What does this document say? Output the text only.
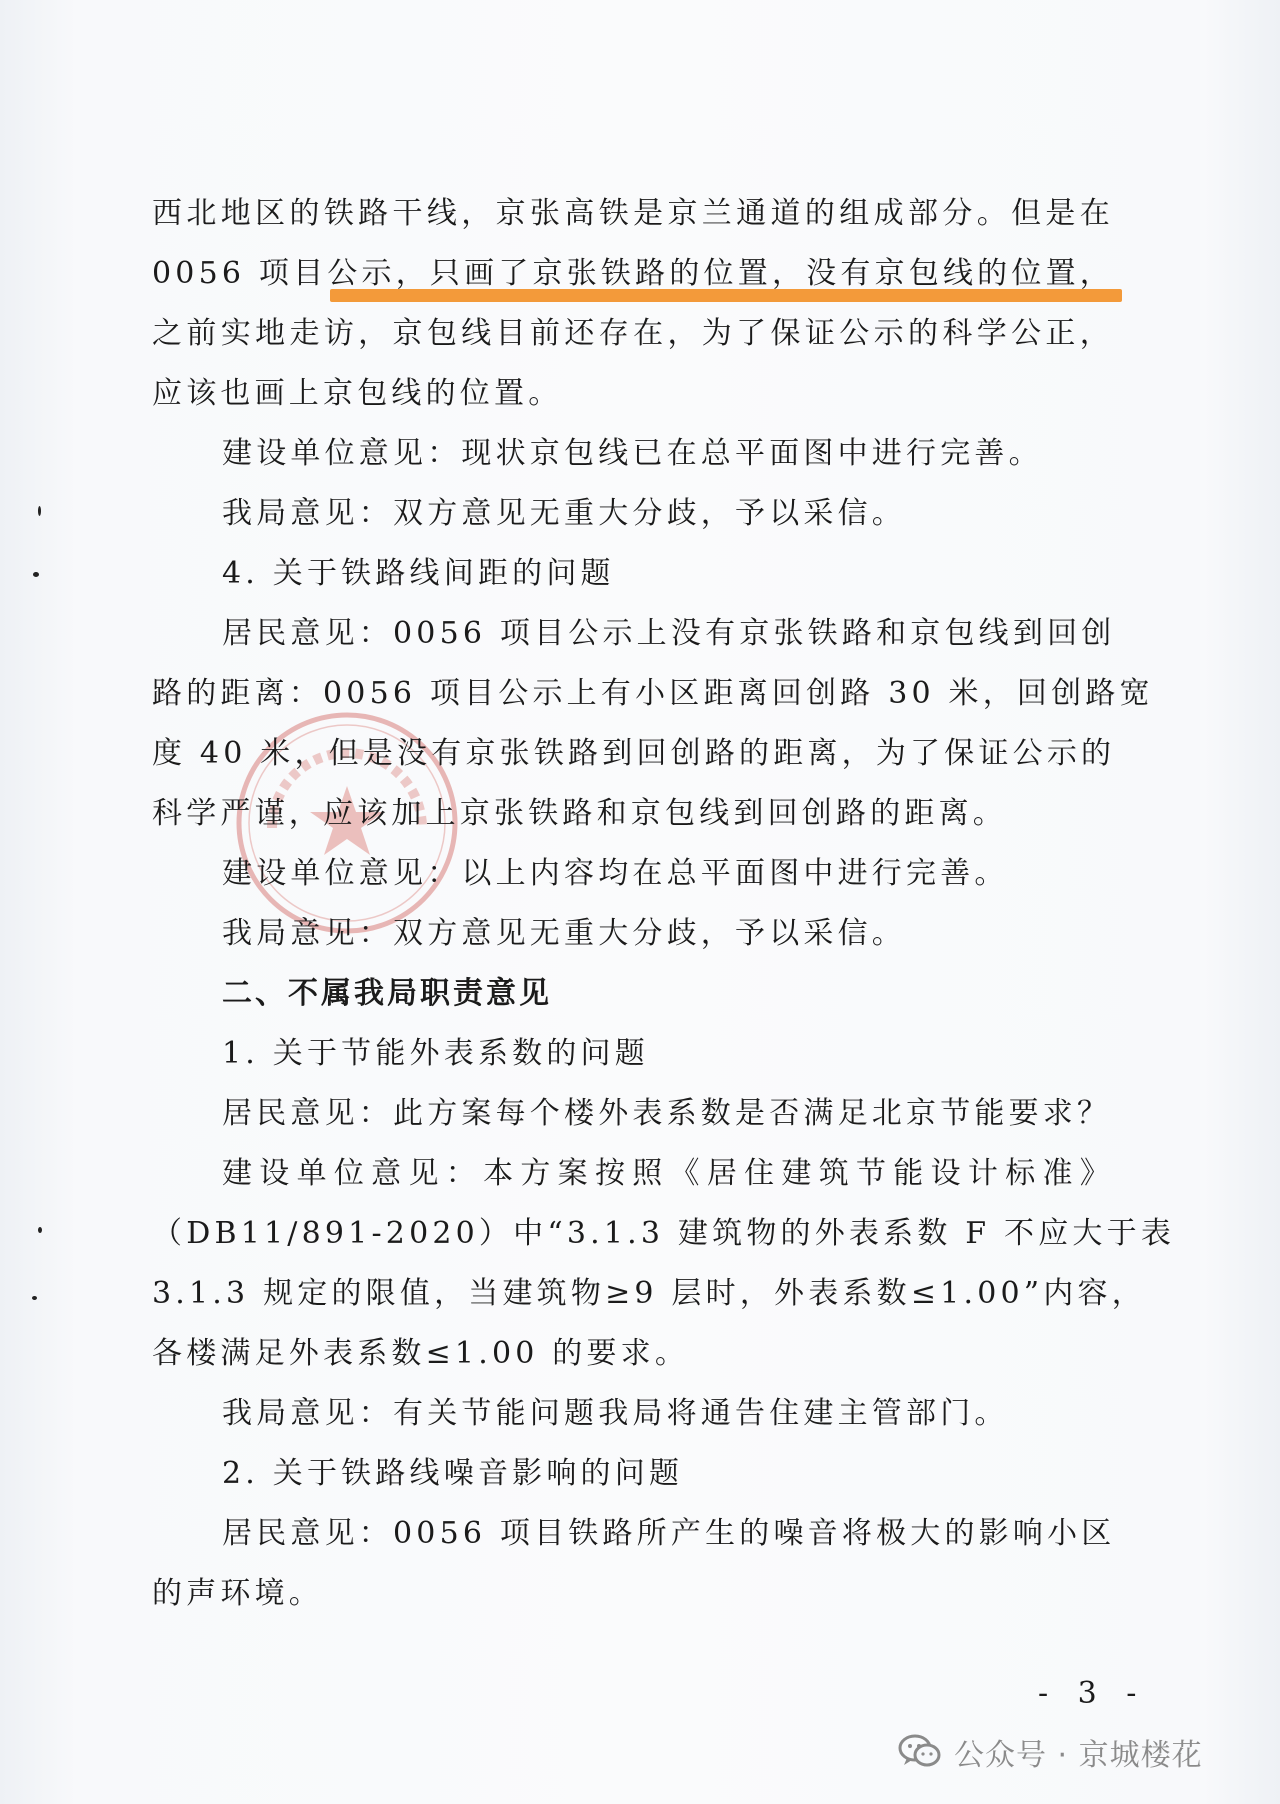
西北地区的铁路干线，京张高铁是京兰通道的组成部分。但是在
0056 项目公示，只画了京张铁路的位置，没有京包线的位置，
之前实地走访，京包线目前还存在，为了保证公示的科学公正，
应该也画上京包线的位置。
建设单位意见：现状京包线已在总平面图中进行完善。
我局意见：双方意见无重大分歧，予以采信。
4. 关于铁路线间距的问题
居民意见：0056 项目公示上没有京张铁路和京包线到回创
路的距离：0056 项目公示上有小区距离回创路 30 米，回创路宽
度 40 米，但是没有京张铁路到回创路的距离，为了保证公示的
科学严谨，应该加上京张铁路和京包线到回创路的距离。
建设单位意见：以上内容均在总平面图中进行完善。
我局意见：双方意见无重大分歧，予以采信。
二、不属我局职责意见
1. 关于节能外表系数的问题
居民意见：此方案每个楼外表系数是否满足北京节能要求？
建设单位意见：本方案按照《居住建筑节能设计标准》
（DB11/891-2020）中“3.1.3 建筑物的外表系数 F 不应大于表
3.1.3 规定的限值，当建筑物≥9 层时，外表系数≤1.00”内容，
各楼满足外表系数≤1.00 的要求。
我局意见：有关节能问题我局将通告住建主管部门。
2. 关于铁路线噪音影响的问题
居民意见：0056 项目铁路所产生的噪音将极大的影响小区
的声环境。
- 3 -
公众号 · 京城楼花
